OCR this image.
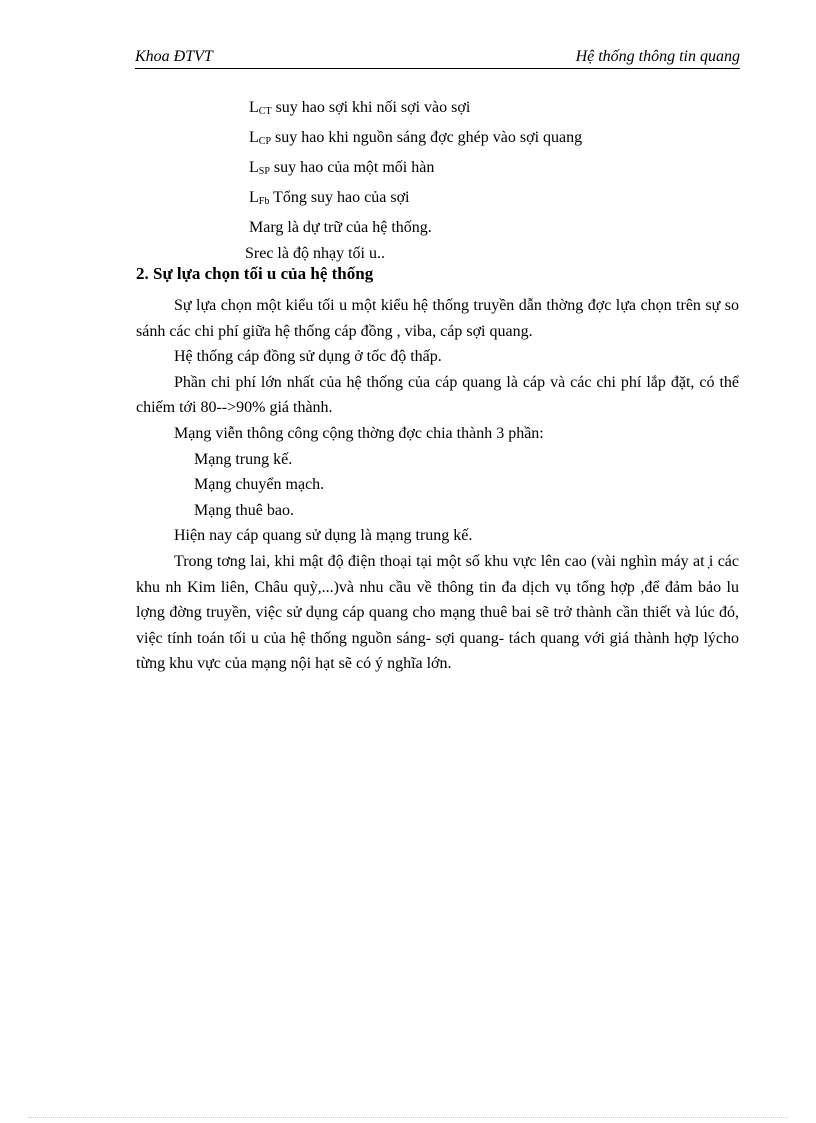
Khoa ĐTVT	Hệ thống thông tin quang
$L_{CT}$ suy hao sợi khi nối sợi vào sợi
$L_{CP}$ suy hao khi nguồn sáng đợc ghép vào sợi quang
$L_{SP}$ suy hao của một mối hàn
$L_{Fb}$ Tổng suy hao của sợi
Marg là dự trữ của hệ thống.
Srec là độ nhạy tối u..
2. Sự lựa chọn tối u của hệ thống

Sự lựa chọn một kiểu tối u một kiểu hệ thống truyền dẫn thờng đợc lựa chọn trên sự so sánh các chi phí giữa hệ thống cáp đồng , viba, cáp sợi quang.

Hệ thống cáp đồng sử dụng ở tốc độ thấp.

Phần chi phí lớn nhất của hệ thống của cáp quang là cáp và các chi phí lắp đặt, có thể chiếm tới 80-->90% giá thành.

Mạng viễn thông công cộng thờng đợc chia thành 3 phần:

Mạng trung kế.

Mạng chuyển mạch.

Mạng thuê bao.

Hiện nay cáp quang sử dụng là mạng trung kế.

Trong tơng lai, khi mật độ điện thoại tại một số khu vực lên cao (vài nghìn máy at ̣i các khu nh Kim liên, Châu quỳ,...)và nhu cầu về thông tin đa dịch vụ tổng hợp ,để đảm bảo lu lợng đờng truyền, việc sử dụng cáp quang cho mạng thuê bai sẽ trở thành cần thiết và lúc đó, việc tính toán tối u của hệ thống nguồn sáng- sợi quang- tách quang với giá thành hợp lýcho từng khu vực của mạng nội hạt sẽ có ý nghĩa lớn.
